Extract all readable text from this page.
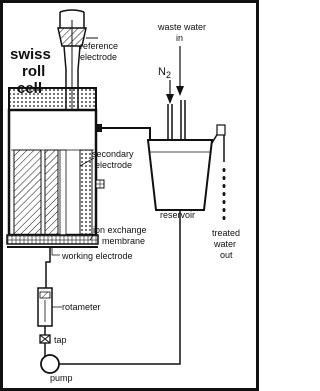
swiss
roll
reference
electrode
secondary
electrode
ion exchange
membrane
working electrode
waste water
in
N 2
reservoir
treated
water
out
rotameter
tap
pump
